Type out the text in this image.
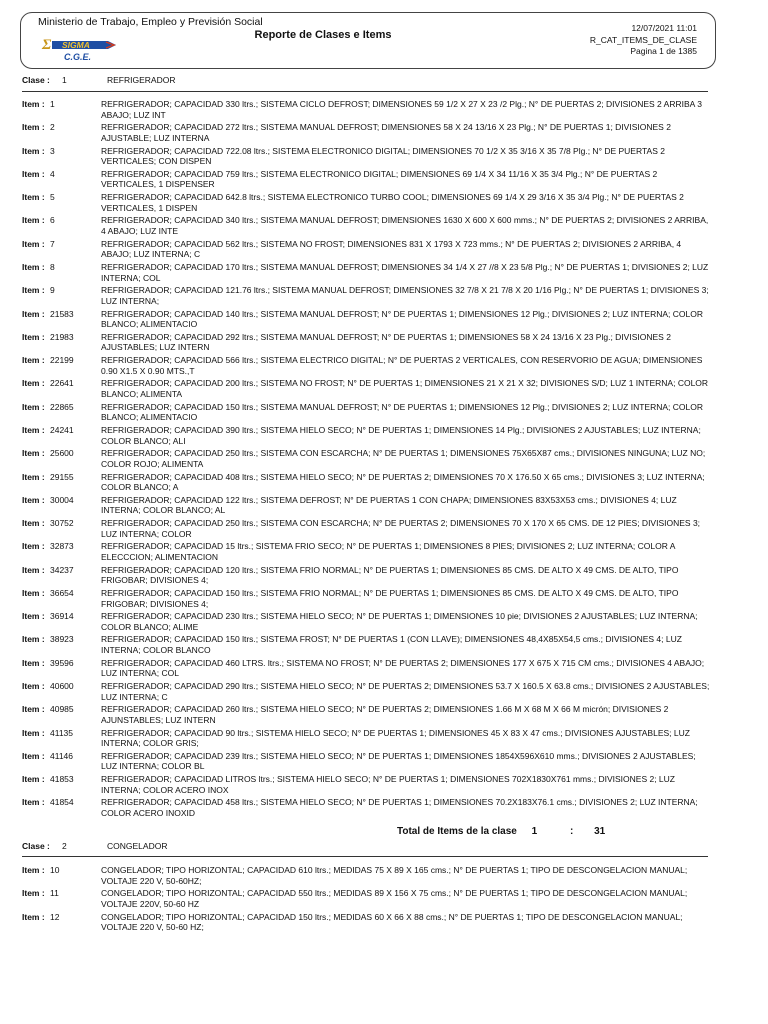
Ministerio de Trabajo, Empleo y Previsión Social
Reporte de Clases e Items
12/07/2021 11:01
R_CAT_ITEMS_DE_CLASE
Pagina 1 de 1385
Σ SIGMA
C.G.E.
Clase : 1	REFRIGERADOR
Item : 1	REFRIGERADOR; CAPACIDAD 330 ltrs.; SISTEMA CICLO DEFROST; DIMENSIONES 59 1/2 X 27 X 23 /2 Plg.; N° DE PUERTAS 2; DIVISIONES 2 ARRIBA 3 ABAJO; LUZ INT
Item : 2	REFRIGERADOR; CAPACIDAD 272 ltrs.; SISTEMA MANUAL DEFROST; DIMENSIONES 58 X 24 13/16 X 23 Plg.; N° DE PUERTAS 1; DIVISIONES 2 AJUSTABLE; LUZ INTERNA
Item : 3	REFRIGERADOR; CAPACIDAD 722.08 ltrs.; SISTEMA ELECTRONICO DIGITAL; DIMENSIONES 70 1/2 X 35 3/16 X 35 7/8 Plg.; N° DE PUERTAS 2 VERTICALES; CON DISPEN
Item : 4	REFRIGERADOR; CAPACIDAD 759 ltrs.; SISTEMA ELECTRONICO DIGITAL; DIMENSIONES 69 1/4 X 34 11/16 X 35 3/4 Plg.; N° DE PUERTAS 2 VERTICALES, 1 DISPENSER
Item : 5	REFRIGERADOR; CAPACIDAD 642.8 ltrs.; SISTEMA ELECTRONICO TURBO COOL; DIMENSIONES 69 1/4 X 29 3/16 X 35 3/4 Plg.; N° DE PUERTAS 2 VERTICALES, 1 DISPEN
Item : 6	REFRIGERADOR; CAPACIDAD 340 ltrs.; SISTEMA MANUAL DEFROST; DIMENSIONES 1630 X 600 X 600 mms.; N° DE PUERTAS 2; DIVISIONES 2 ARRIBA, 4 ABAJO; LUZ INTE
Item : 7	REFRIGERADOR; CAPACIDAD 562 ltrs.; SISTEMA NO FROST; DIMENSIONES 831 X 1793 X 723 mms.; N° DE PUERTAS 2; DIVISIONES 2 ARRIBA, 4 ABAJO; LUZ INTERNA; C
Item : 8	REFRIGERADOR; CAPACIDAD 170 ltrs.; SISTEMA MANUAL DEFROST; DIMENSIONES 34 1/4 X 27 //8 X 23 5/8 Plg.; N° DE PUERTAS 1; DIVISIONES 2; LUZ INTERNA; COL
Item : 9	REFRIGERADOR; CAPACIDAD 121.76 ltrs.; SISTEMA MANUAL DEFROST; DIMENSIONES 32 7/8 X 21 7/8 X 20 1/16 Plg.; N° DE PUERTAS 1; DIVISIONES 3; LUZ INTERNA;
Item : 21583	REFRIGERADOR; CAPACIDAD 140 ltrs.; SISTEMA MANUAL DEFROST; N° DE PUERTAS 1; DIMENSIONES 12 Plg.; DIVISIONES 2; LUZ INTERNA; COLOR BLANCO; ALIMENTACIO
Item : 21983	REFRIGERADOR; CAPACIDAD 292 ltrs.; SISTEMA MANUAL DEFROST; N° DE PUERTAS 1; DIMENSIONES 58 X 24 13/16 X 23 Plg.; DIVISIONES 2 AJUSTABLES; LUZ INTERN
Item : 22199	REFRIGERADOR; CAPACIDAD 566 ltrs.; SISTEMA ELECTRICO DIGITAL; N° DE PUERTAS 2 VERTICALES, CON RESERVORIO DE AGUA; DIMENSIONES 0.90 X1.5 X 0.90 MTS.,T
Item : 22641	REFRIGERADOR; CAPACIDAD 200 ltrs.; SISTEMA NO FROST; N° DE PUERTAS 1; DIMENSIONES 21 X 21 X 32; DIVISIONES S/D; LUZ 1 INTERNA; COLOR BLANCO; ALIMENTA
Item : 22865	REFRIGERADOR; CAPACIDAD 150 ltrs.; SISTEMA MANUAL DEFROST; N° DE PUERTAS 1; DIMENSIONES 12 Plg.; DIVISIONES 2; LUZ INTERNA; COLOR BLANCO; ALIMENTACIO
Item : 24241	REFRIGERADOR; CAPACIDAD 390 ltrs.; SISTEMA HIELO SECO; N° DE PUERTAS 1; DIMENSIONES 14 Plg.; DIVISIONES 2 AJUSTABLES; LUZ INTERNA; COLOR BLANCO; ALI
Item : 25600	REFRIGERADOR; CAPACIDAD 250 ltrs.; SISTEMA CON ESCARCHA; N° DE PUERTAS 1; DIMENSIONES 75X65X87 cms.; DIVISIONES NINGUNA; LUZ NO; COLOR ROJO; ALIMENTA
Item : 29155	REFRIGERADOR; CAPACIDAD 408 ltrs.; SISTEMA HIELO SECO; N° DE PUERTAS 2; DIMENSIONES 70 X 176.50 X 65 cms.; DIVISIONES 3; LUZ INTERNA; COLOR BLANCO; A
Item : 30004	REFRIGERADOR; CAPACIDAD 122 ltrs.; SISTEMA DEFROST; N° DE PUERTAS 1 CON CHAPA; DIMENSIONES 83X53X53 cms.; DIVISIONES 4; LUZ INTERNA; COLOR BLANCO; AL
Item : 30752	REFRIGERADOR; CAPACIDAD 250 ltrs.; SISTEMA CON ESCARCHA; N° DE PUERTAS 2; DIMENSIONES 70 X 170 X 65 CMS. DE 12 PIES; DIVISIONES 3; LUZ INTERNA; COLOR
Item : 32873	REFRIGERADOR; CAPACIDAD 15 ltrs.; SISTEMA FRIO SECO; N° DE PUERTAS 1; DIMENSIONES 8 PIES; DIVISIONES 2; LUZ INTERNA; COLOR A ELECCCION; ALIMENTACION
Item : 34237	REFRIGERADOR; CAPACIDAD 120 ltrs.; SISTEMA FRIO NORMAL; N° DE PUERTAS 1; DIMENSIONES 85 CMS. DE ALTO X 49 CMS. DE ALTO, TIPO FRIGOBAR; DIVISIONES 4;
Item : 36654	REFRIGERADOR; CAPACIDAD 150 ltrs.; SISTEMA FRIO NORMAL; N° DE PUERTAS 1; DIMENSIONES 85 CMS. DE ALTO X 49 CMS. DE ALTO, TIPO FRIGOBAR; DIVISIONES 4;
Item : 36914	REFRIGERADOR; CAPACIDAD 230 ltrs.; SISTEMA HIELO SECO; N° DE PUERTAS 1; DIMENSIONES 10 pie; DIVISIONES 2 AJUSTABLES; LUZ INTERNA; COLOR BLANCO; ALIME
Item : 38923	REFRIGERADOR; CAPACIDAD 150 ltrs.; SISTEMA FROST; N° DE PUERTAS 1 (CON LLAVE); DIMENSIONES 48,4X85X54,5 cms.; DIVISIONES 4; LUZ INTERNA; COLOR BLANCO
Item : 39596	REFRIGERADOR; CAPACIDAD 460 LTRS. ltrs.; SISTEMA NO FROST; N° DE PUERTAS 2; DIMENSIONES 177 X 675 X 715 CM cms.; DIVISIONES 4 ABAJO; LUZ INTERNA; COL
Item : 40600	REFRIGERADOR; CAPACIDAD 290 ltrs.; SISTEMA HIELO SECO; N° DE PUERTAS 2; DIMENSIONES 53.7 X 160.5 X 63.8 cms.; DIVISIONES 2 AJUSTABLES; LUZ INTERNA; C
Item : 40985	REFRIGERADOR; CAPACIDAD 260 ltrs.; SISTEMA HIELO SECO; N° DE PUERTAS 2; DIMENSIONES 1.66 M X 68 M X 66 M micrón; DIVISIONES 2 AJUNSTABLES; LUZ INTERN
Item : 41135	REFRIGERADOR; CAPACIDAD 90 ltrs.; SISTEMA HIELO SECO; N° DE PUERTAS 1; DIMENSIONES 45 X 83 X 47 cms.; DIVISIONES AJUSTABLES; LUZ INTERNA; COLOR GRIS;
Item : 41146	REFRIGERADOR; CAPACIDAD 239 ltrs.; SISTEMA HIELO SECO; N° DE PUERTAS 1; DIMENSIONES 1854X596X610 mms.; DIVISIONES 2 AJUSTABLES; LUZ INTERNA; COLOR BL
Item : 41853	REFRIGERADOR; CAPACIDAD LITROS ltrs.; SISTEMA HIELO SECO; N° DE PUERTAS 1; DIMENSIONES 702X1830X761 mms.; DIVISIONES 2; LUZ INTERNA; COLOR ACERO INOX
Item : 41854	REFRIGERADOR; CAPACIDAD 458 ltrs.; SISTEMA HIELO SECO; N° DE PUERTAS 1; DIMENSIONES 70.2X183X76.1 cms.; DIVISIONES 2; LUZ INTERNA; COLOR ACERO INOXID
Total de Items de la clase 1	: 31
Clase : 2	CONGELADOR
Item : 10	CONGELADOR; TIPO HORIZONTAL; CAPACIDAD 610 ltrs.; MEDIDAS 75 X 89 X 165 cms.; N° DE PUERTAS 1; TIPO DE DESCONGELACION MANUAL; VOLTAJE 220 V, 50-60HZ;
Item : 11	CONGELADOR; TIPO HORIZONTAL; CAPACIDAD 550 ltrs.; MEDIDAS 89 X 156 X 75 cms.; N° DE PUERTAS 1; TIPO DE DESCONGELACION MANUAL; VOLTAJE 220V, 50-60 HZ
Item : 12	CONGELADOR; TIPO HORIZONTAL; CAPACIDAD 150 ltrs.; MEDIDAS 60 X 66 X 88 cms.; N° DE PUERTAS 1; TIPO DE DESCONGELACION MANUAL; VOLTAJE 220 V, 50-60 HZ;
